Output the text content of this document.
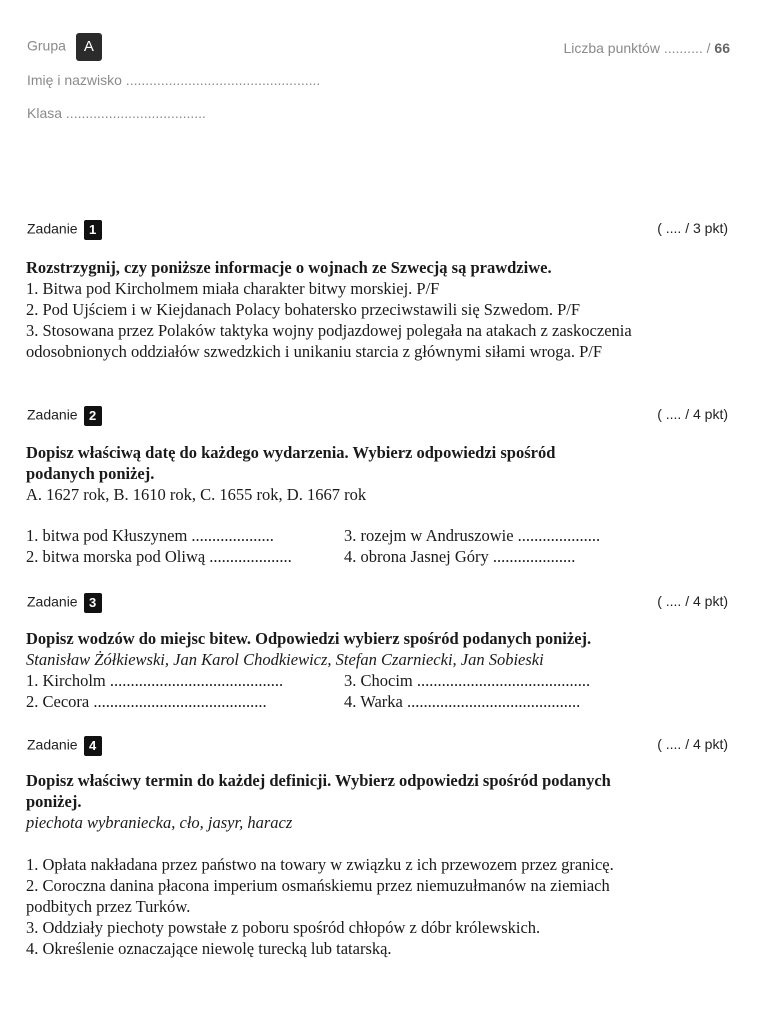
Grupa A	Liczba punktów .......... / 66
Imię i nazwisko ..................................................
Klasa ....................................
Zadanie 1	( .... / 3 pkt)
Rozstrzygnij, czy poniższe informacje o wojnach ze Szwecją są prawdziwe.
1. Bitwa pod Kircholmem miała charakter bitwy morskiej. P/F
2. Pod Ujściem i w Kiejdanach Polacy bohatersko przeciwstawili się Szwedom. P/F
3. Stosowana przez Polaków taktyka wojny podjazdowej polegała na atakach z zaskoczenia odosobnionych oddziałów szwedzkich i unikaniu starcia z głównymi siłami wroga. P/F
Zadanie 2	( .... / 4 pkt)
Dopisz właściwą datę do każdego wydarzenia. Wybierz odpowiedzi spośród podanych poniżej.
A. 1627 rok, B. 1610 rok, C. 1655 rok, D. 1667 rok
1. bitwa pod Kłuszynem ....................	3. rozejm w Andruszowie ....................
2. bitwa morska pod Oliwą ....................	4. obrona Jasnej Góry ....................
Zadanie 3	( .... / 4 pkt)
Dopisz wodzów do miejsc bitew. Odpowiedzi wybierz spośród podanych poniżej.
Stanisław Żółkiewski, Jan Karol Chodkiewicz, Stefan Czarniecki, Jan Sobieski
1. Kircholm ..........................................	3. Chocim ..........................................
2. Cecora ..........................................	4. Warka ..........................................
Zadanie 4	( .... / 4 pkt)
Dopisz właściwy termin do każdej definicji. Wybierz odpowiedzi spośród podanych poniżej.
piechota wybraniecka, cło, jasyr, haracz
1. Opłata nakładana przez państwo na towary w związku z ich przewozem przez granicę.
2. Coroczna danina płacona imperium osmańskiemu przez niemuzułmanów na ziemiach podbitych przez Turków.
3. Oddziały piechoty powstałe z poboru spośród chłopów z dóbr królewskich.
4. Określenie oznaczające niewolę turecką lub tatarską.
